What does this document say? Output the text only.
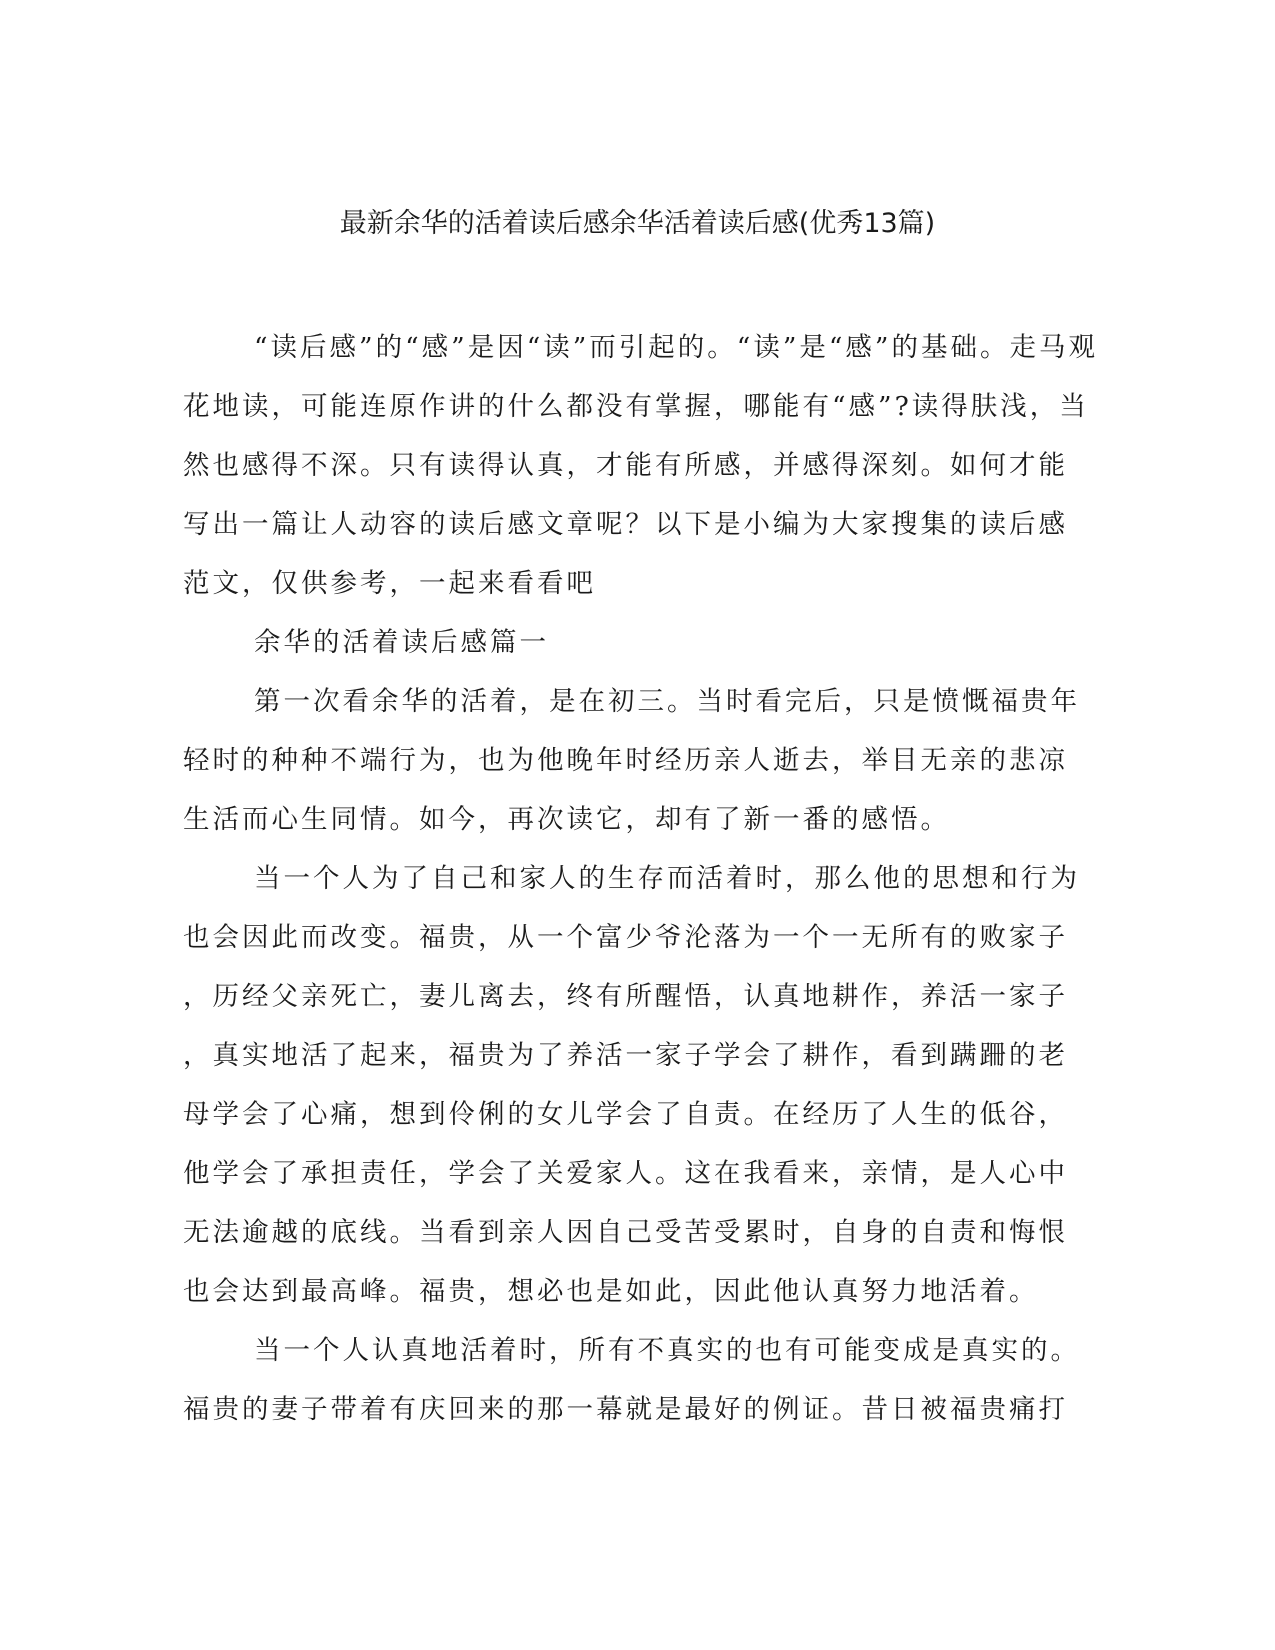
最新余华的活着读后感余华活着读后感(优秀13篇)
“读后感”的“感”是因“读”而引起的。“读”是“感”的基础。走马观
花地读，可能连原作讲的什么都没有掌握，哪能有“感”?读得肤浅，当
然也感得不深。只有读得认真，才能有所感，并感得深刻。如何才能
写出一篇让人动容的读后感文章呢？以下是小编为大家搜集的读后感
范文，仅供参考，一起来看看吧
余华的活着读后感篇一
第一次看余华的活着，是在初三。当时看完后，只是愤慨福贵年
轻时的种种不端行为，也为他晚年时经历亲人逝去，举目无亲的悲凉
生活而心生同情。如今，再次读它，却有了新一番的感悟。
当一个人为了自己和家人的生存而活着时，那么他的思想和行为
也会因此而改变。福贵，从一个富少爷沦落为一个一无所有的败家子
，历经父亲死亡，妻儿离去，终有所醒悟，认真地耕作，养活一家子
，真实地活了起来，福贵为了养活一家子学会了耕作，看到蹒跚的老
母学会了心痛，想到伶俐的女儿学会了自责。在经历了人生的低谷，
他学会了承担责任，学会了关爱家人。这在我看来，亲情，是人心中
无法逾越的底线。当看到亲人因自己受苦受累时，自身的自责和悔恨
也会达到最高峰。福贵，想必也是如此，因此他认真努力地活着。
当一个人认真地活着时，所有不真实的也有可能变成是真实的。
福贵的妻子带着有庆回来的那一幕就是最好的例证。昔日被福贵痛打
